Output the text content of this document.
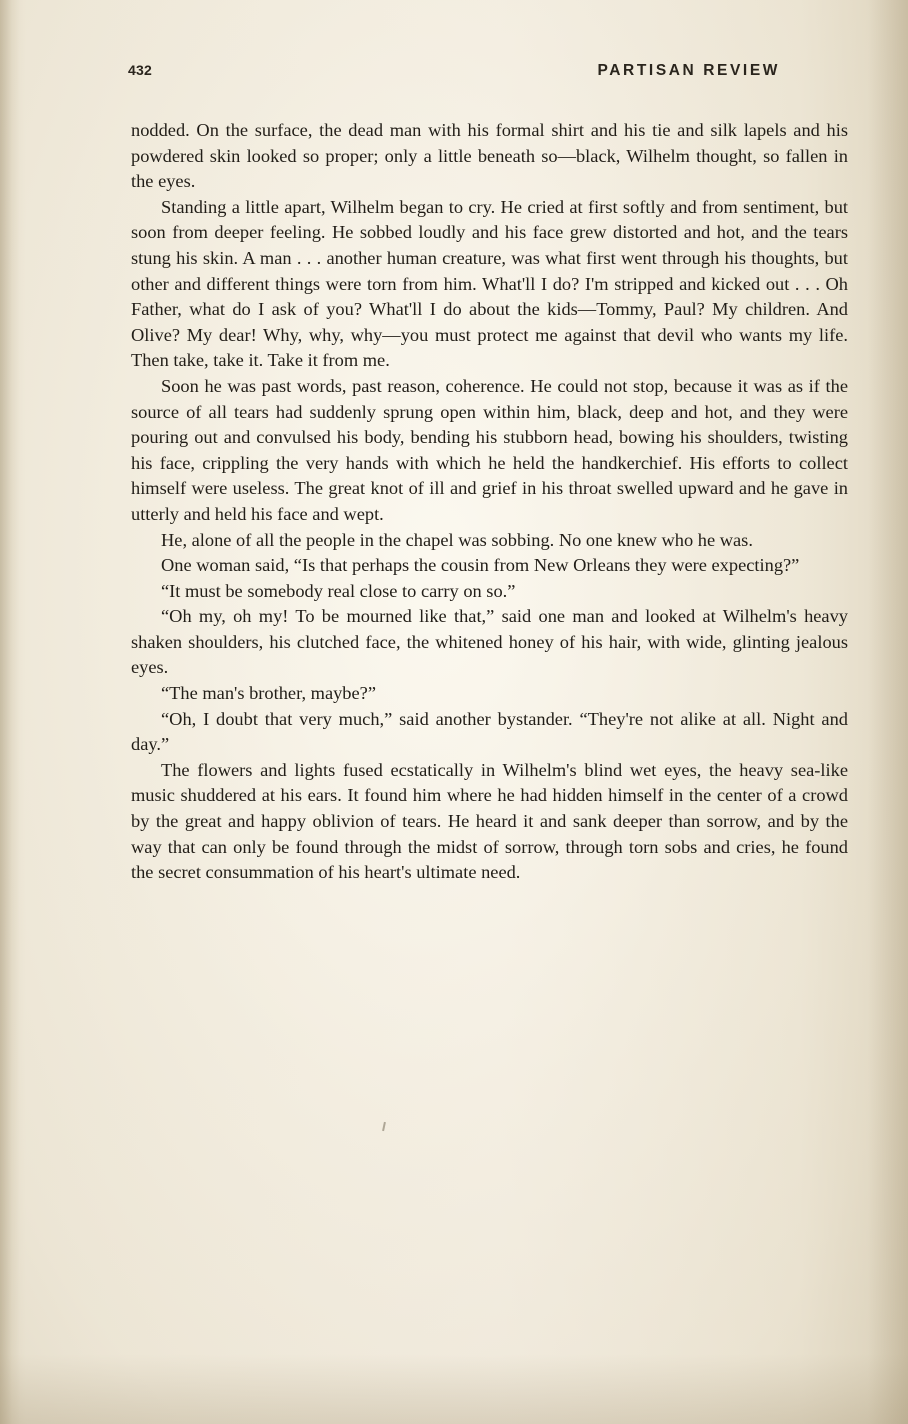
432	PARTISAN REVIEW

nodded. On the surface, the dead man with his formal shirt and his tie and silk lapels and his powdered skin looked so proper; only a little beneath so—black, Wilhelm thought, so fallen in the eyes.

Standing a little apart, Wilhelm began to cry. He cried at first softly and from sentiment, but soon from deeper feeling. He sobbed loudly and his face grew distorted and hot, and the tears stung his skin. A man . . . another human creature, was what first went through his thoughts, but other and different things were torn from him. What'll I do? I'm stripped and kicked out . . . Oh Father, what do I ask of you? What'll I do about the kids—Tommy, Paul? My children. And Olive? My dear! Why, why, why—you must protect me against that devil who wants my life. Then take, take it. Take it from me.

Soon he was past words, past reason, coherence. He could not stop, because it was as if the source of all tears had suddenly sprung open within him, black, deep and hot, and they were pouring out and convulsed his body, bending his stubborn head, bowing his shoulders, twisting his face, crippling the very hands with which he held the handkerchief. His efforts to collect himself were useless. The great knot of ill and grief in his throat swelled upward and he gave in utterly and held his face and wept.

He, alone of all the people in the chapel was sobbing. No one knew who he was.

One woman said, “Is that perhaps the cousin from New Orleans they were expecting?”

“It must be somebody real close to carry on so.”

“Oh my, oh my! To be mourned like that,” said one man and looked at Wilhelm's heavy shaken shoulders, his clutched face, the whitened honey of his hair, with wide, glinting jealous eyes.

“The man's brother, maybe?”

“Oh, I doubt that very much,” said another bystander. “They're not alike at all. Night and day.”

The flowers and lights fused ecstatically in Wilhelm's blind wet eyes, the heavy sea-like music shuddered at his ears. It found him where he had hidden himself in the center of a crowd by the great and happy oblivion of tears. He heard it and sank deeper than sorrow, and by the way that can only be found through the midst of sorrow, through torn sobs and cries, he found the secret consummation of his heart's ultimate need.
